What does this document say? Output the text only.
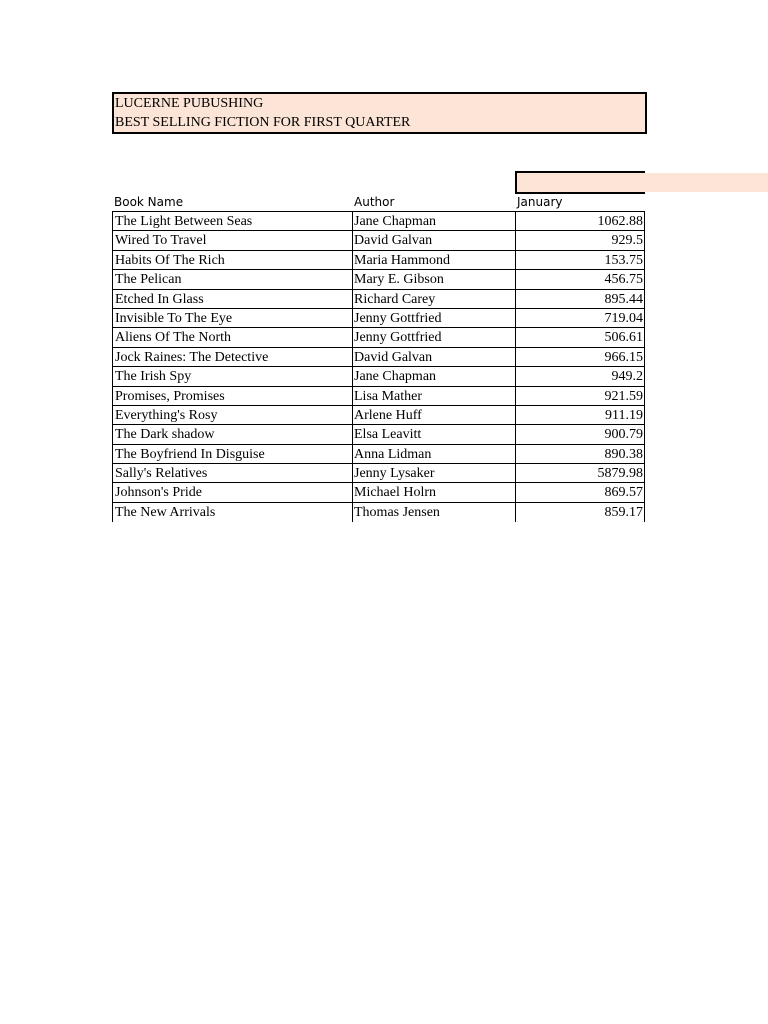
LUCERNE PUBUSHING
BEST SELLING FICTION FOR FIRST QUARTER
Book Name	Author	January
The Light Between Seas	Jane Chapman	1062.88
Wired To Travel	David Galvan	929.5
Habits Of The Rich	Maria Hammond	153.75
The Pelican	Mary E. Gibson	456.75
Etched In Glass	Richard Carey	895.44
Invisible To The Eye	Jenny Gottfried	719.04
Aliens Of The North	Jenny Gottfried	506.61
Jock Raines: The Detective	David Galvan	966.15
The Irish Spy	Jane Chapman	949.2
Promises, Promises	Lisa Mather	921.59
Everything's Rosy	Arlene Huff	911.19
The Dark shadow	Elsa Leavitt	900.79
The Boyfriend In Disguise	Anna Lidman	890.38
Sally's Relatives	Jenny Lysaker	5879.98
Johnson's Pride	Michael Holrn	869.57
The New Arrivals	Thomas Jensen	859.17
